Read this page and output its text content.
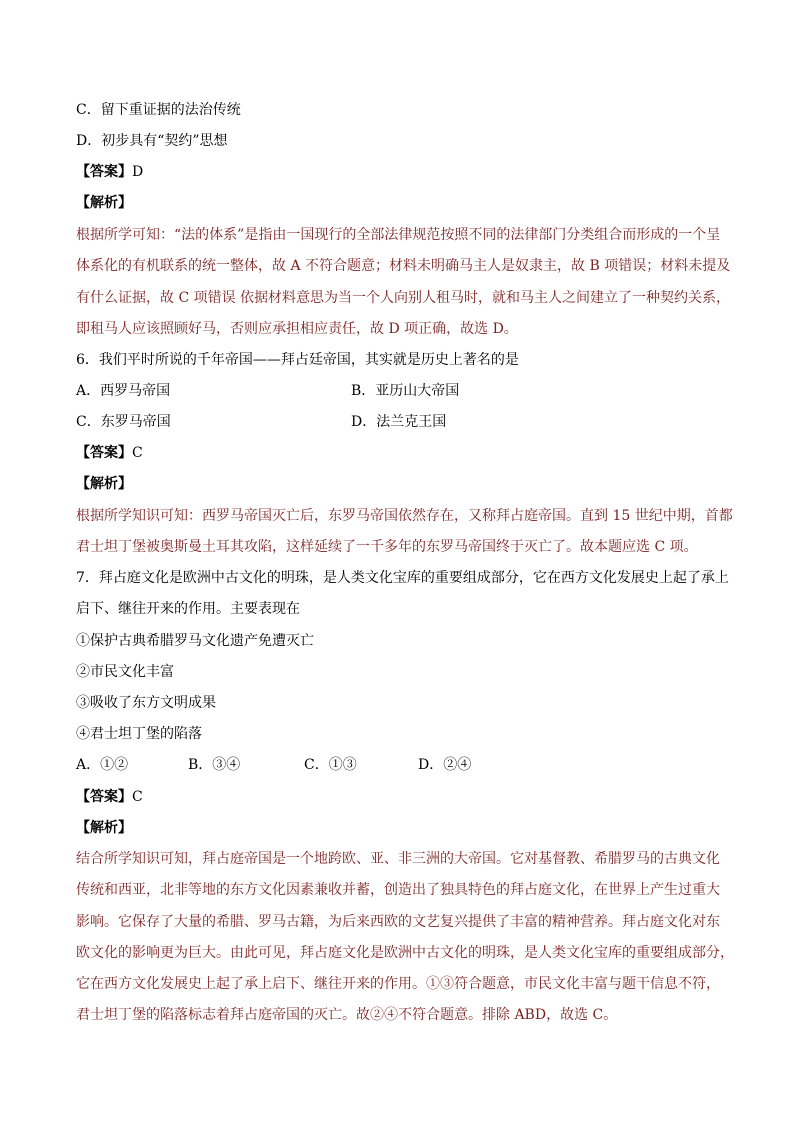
C．留下重证据的法治传统
D．初步具有“契约”思想
【答案】D
【解析】
根据所学可知：“法的体系”是指由一国现行的全部法律规范按照不同的法律部门分类组合而形成的一个呈
体系化的有机联系的统一整体，故 A 不符合题意；材料未明确马主人是奴隶主，故 B 项错误；材料未提及
有什么证据，故 C 项错误 依据材料意思为当一个人向别人租马时，就和马主人之间建立了一种契约关系，
即租马人应该照顾好马，否则应承担相应责任，故 D 项正确，故选 D。
6．我们平时所说的千年帝国——拜占廷帝国，其实就是历史上著名的是
A．西罗马帝国	B．亚历山大帝国
C．东罗马帝国	D．法兰克王国
【答案】C
【解析】
根据所学知识可知：西罗马帝国灭亡后，东罗马帝国依然存在，又称拜占庭帝国。直到 15 世纪中期，首都
君士坦丁堡被奥斯曼土耳其攻陷，这样延续了一千多年的东罗马帝国终于灭亡了。故本题应选 C 项。
7．拜占庭文化是欧洲中古文化的明珠，是人类文化宝库的重要组成部分，它在西方文化发展史上起了承上
启下、继往开来的作用。主要表现在
①保护古典希腊罗马文化遗产免遭灭亡
②市民文化丰富
③吸收了东方文明成果
④君士坦丁堡的陷落
A．①②	B．③④	C．①③	D．②④
【答案】C
【解析】
结合所学知识可知，拜占庭帝国是一个地跨欧、亚、非三洲的大帝国。它对基督教、希腊罗马的古典文化
传统和西亚，北非等地的东方文化因素兼收并蓄，创造出了独具特色的拜占庭文化，在世界上产生过重大
影响。它保存了大量的希腊、罗马古籍，为后来西欧的文艺复兴提供了丰富的精神营养。拜占庭文化对东
欧文化的影响更为巨大。由此可见，拜占庭文化是欧洲中古文化的明珠，是人类文化宝库的重要组成部分，
它在西方文化发展史上起了承上启下、继往开来的作用。①③符合题意，市民文化丰富与题干信息不符，
君士坦丁堡的陷落标志着拜占庭帝国的灭亡。故②④不符合题意。排除 ABD，故选 C。
